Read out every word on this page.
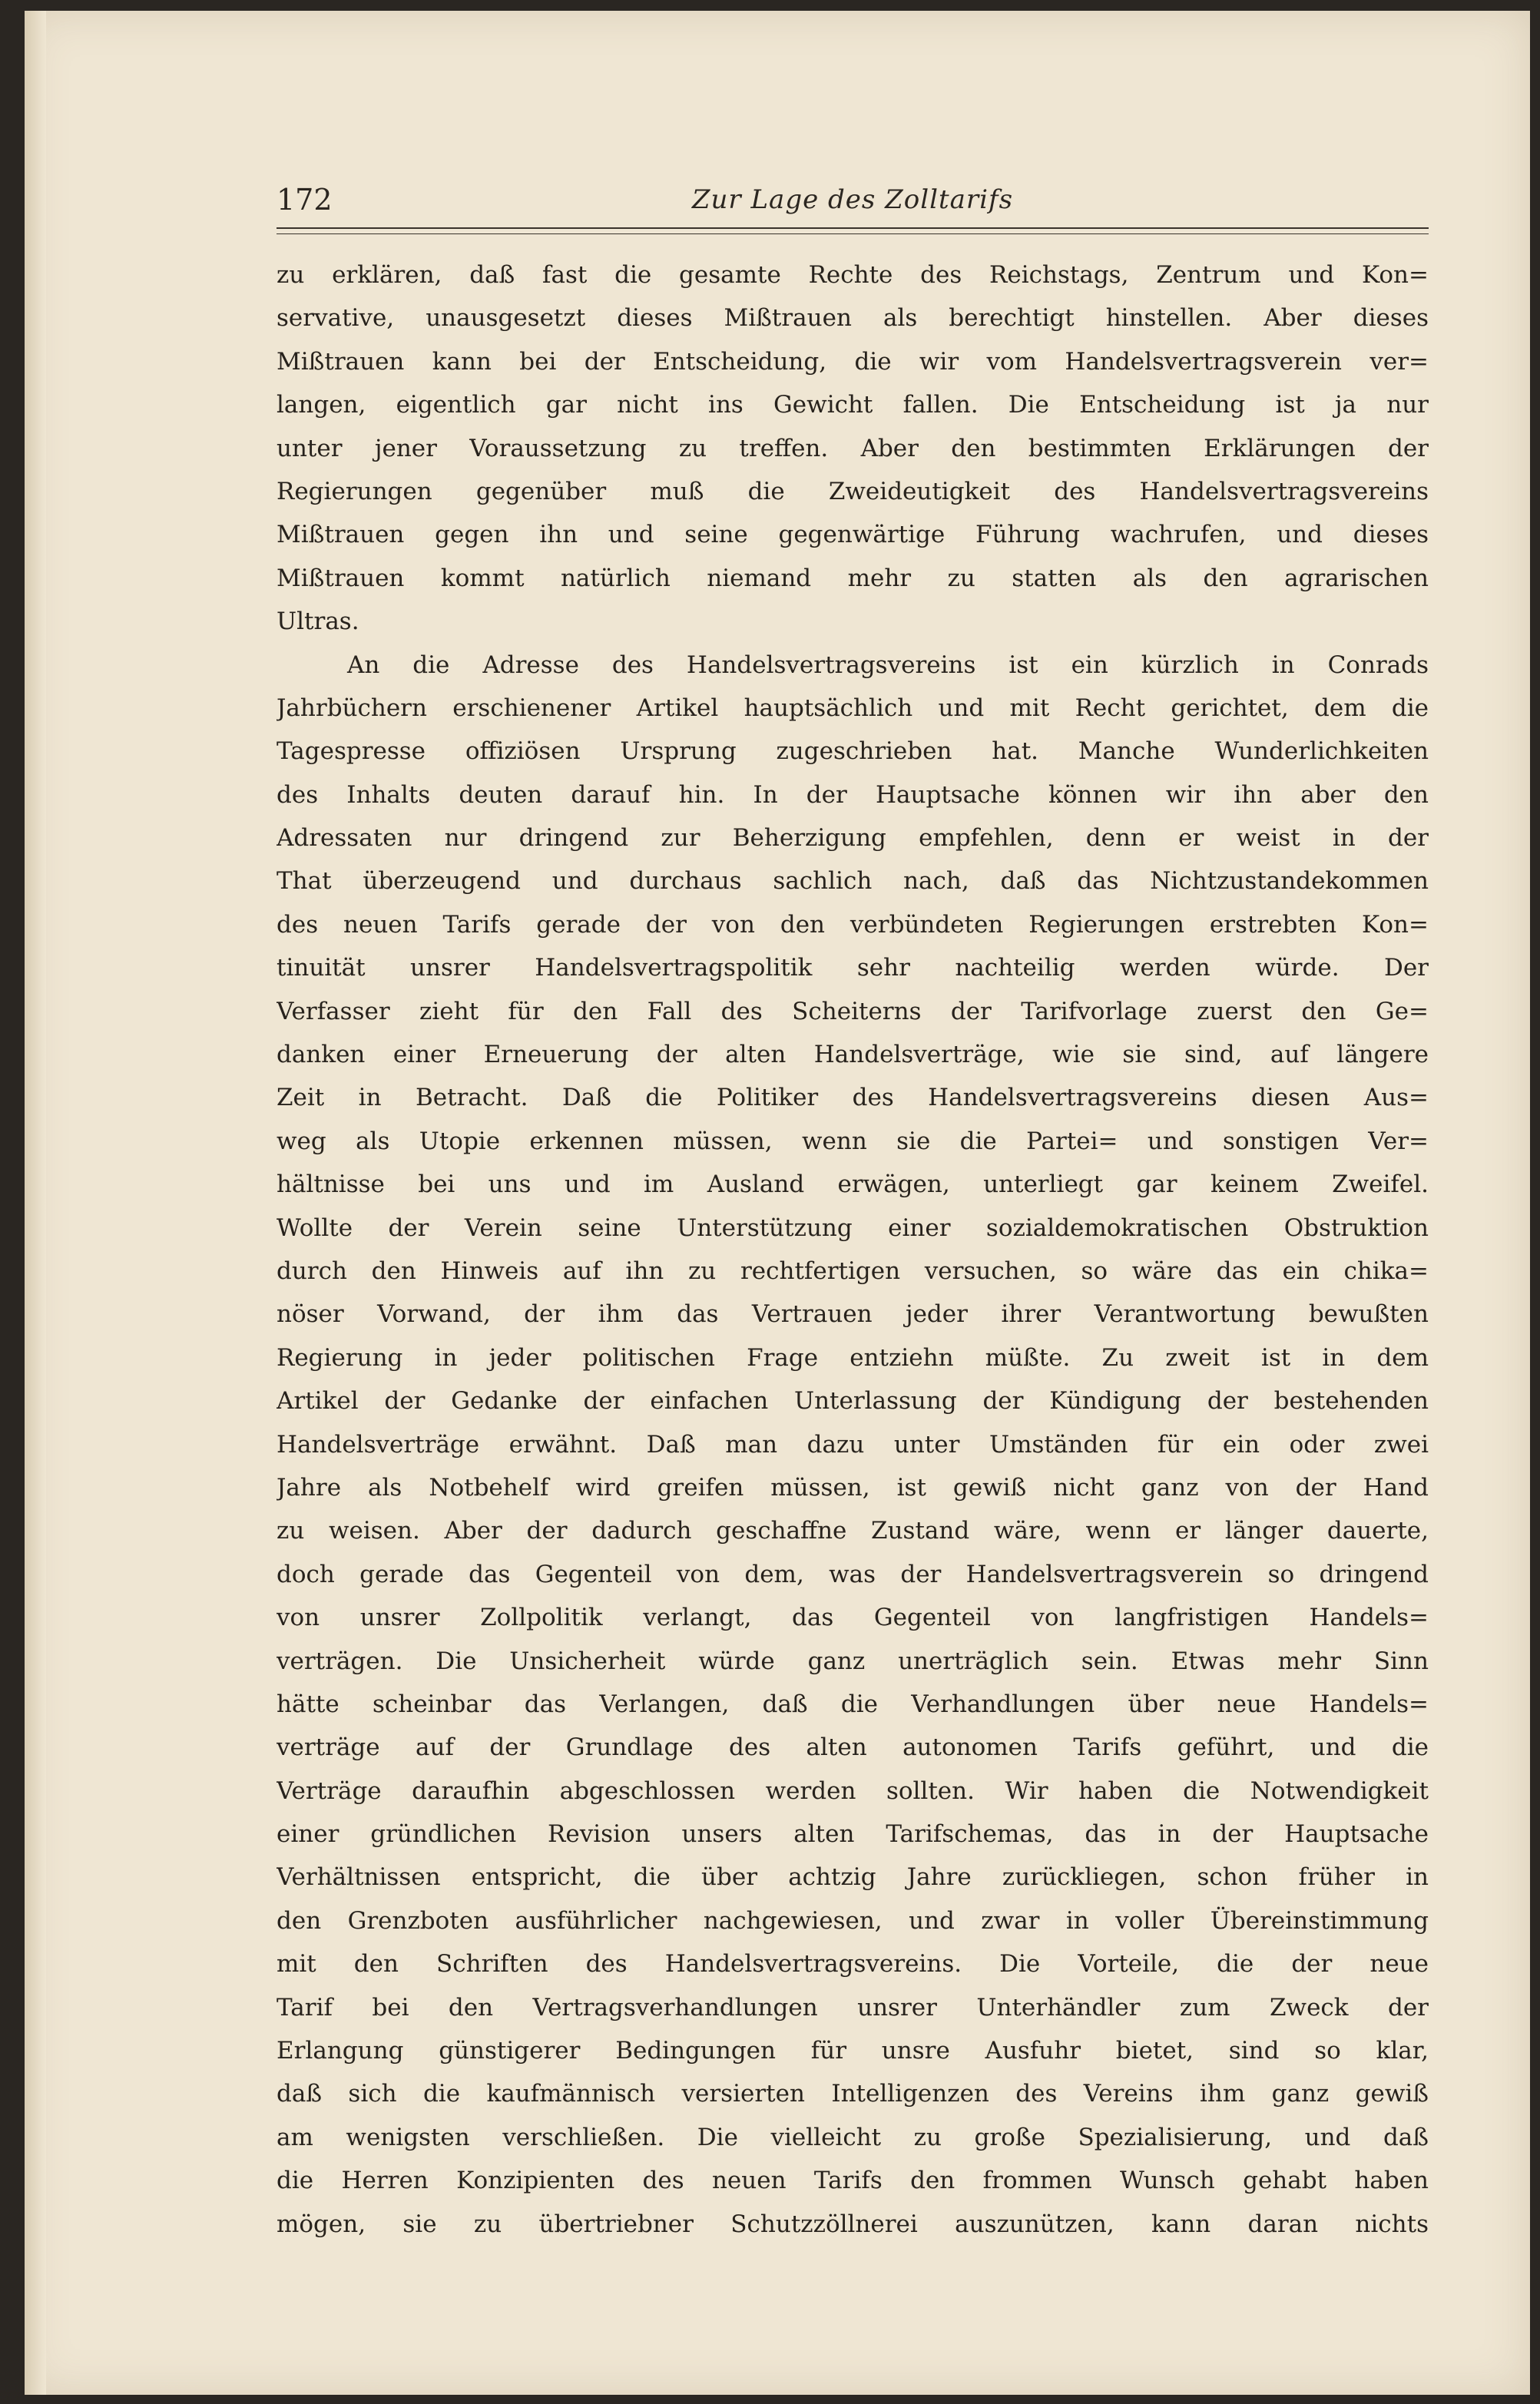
172	Zur Lage des Zolltarifs
zu erklären, daß fast die gesamte Rechte des Reichstags, Zentrum und Kon=
servative, unausgesetzt dieses Mißtrauen als berechtigt hinstellen. Aber dieses
Mißtrauen kann bei der Entscheidung, die wir vom Handelsvertragsverein ver=
langen, eigentlich gar nicht ins Gewicht fallen. Die Entscheidung ist ja nur
unter jener Voraussetzung zu treffen. Aber den bestimmten Erklärungen der
Regierungen gegenüber muß die Zweideutigkeit des Handelsvertragsvereins
Mißtrauen gegen ihn und seine gegenwärtige Führung wachrufen, und dieses
Mißtrauen kommt natürlich niemand mehr zu statten als den agrarischen
Ultras.
An die Adresse des Handelsvertragsvereins ist ein kürzlich in Conrads
Jahrbüchern erschienener Artikel hauptsächlich und mit Recht gerichtet, dem die
Tagespresse offiziösen Ursprung zugeschrieben hat. Manche Wunderlichkeiten
des Inhalts deuten darauf hin. In der Hauptsache können wir ihn aber den
Adressaten nur dringend zur Beherzigung empfehlen, denn er weist in der
That überzeugend und durchaus sachlich nach, daß das Nichtzustandekommen
des neuen Tarifs gerade der von den verbündeten Regierungen erstrebten Kon=
tinuität unsrer Handelsvertragspolitik sehr nachteilig werden würde. Der
Verfasser zieht für den Fall des Scheiterns der Tarifvorlage zuerst den Ge=
danken einer Erneuerung der alten Handelsverträge, wie sie sind, auf längere
Zeit in Betracht. Daß die Politiker des Handelsvertragsvereins diesen Aus=
weg als Utopie erkennen müssen, wenn sie die Partei= und sonstigen Ver=
hältnisse bei uns und im Ausland erwägen, unterliegt gar keinem Zweifel.
Wollte der Verein seine Unterstützung einer sozialdemokratischen Obstruktion
durch den Hinweis auf ihn zu rechtfertigen versuchen, so wäre das ein chika=
nöser Vorwand, der ihm das Vertrauen jeder ihrer Verantwortung bewußten
Regierung in jeder politischen Frage entziehn müßte. Zu zweit ist in dem
Artikel der Gedanke der einfachen Unterlassung der Kündigung der bestehenden
Handelsverträge erwähnt. Daß man dazu unter Umständen für ein oder zwei
Jahre als Notbehelf wird greifen müssen, ist gewiß nicht ganz von der Hand
zu weisen. Aber der dadurch geschaffne Zustand wäre, wenn er länger dauerte,
doch gerade das Gegenteil von dem, was der Handelsvertragsverein so dringend
von unsrer Zollpolitik verlangt, das Gegenteil von langfristigen Handels=
verträgen. Die Unsicherheit würde ganz unerträglich sein. Etwas mehr Sinn
hätte scheinbar das Verlangen, daß die Verhandlungen über neue Handels=
verträge auf der Grundlage des alten autonomen Tarifs geführt, und die
Verträge daraufhin abgeschlossen werden sollten. Wir haben die Notwendigkeit
einer gründlichen Revision unsers alten Tarifschemas, das in der Hauptsache
Verhältnissen entspricht, die über achtzig Jahre zurückliegen, schon früher in
den Grenzboten ausführlicher nachgewiesen, und zwar in voller Übereinstimmung
mit den Schriften des Handelsvertragsvereins. Die Vorteile, die der neue
Tarif bei den Vertragsverhandlungen unsrer Unterhändler zum Zweck der
Erlangung günstigerer Bedingungen für unsre Ausfuhr bietet, sind so klar,
daß sich die kaufmännisch versierten Intelligenzen des Vereins ihm ganz gewiß
am wenigsten verschließen. Die vielleicht zu große Spezialisierung, und daß
die Herren Konzipienten des neuen Tarifs den frommen Wunsch gehabt haben
mögen, sie zu übertriebner Schutzzöllnerei auszunützen, kann daran nichts
